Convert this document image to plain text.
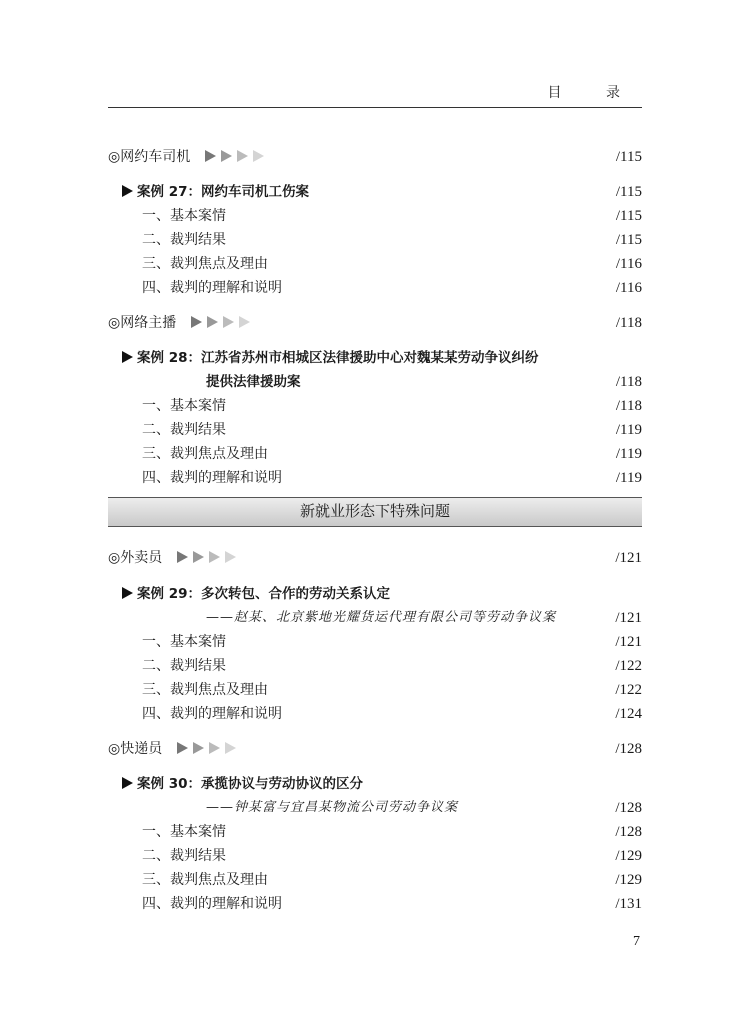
目 录
◎网约车司机	/115
案例 27：网约车司机工伤案	/115
一、基本案情	/115
二、裁判结果	/115
三、裁判焦点及理由	/116
四、裁判的理解和说明	/116
◎网络主播	/118
案例 28：江苏省苏州市相城区法律援助中心对魏某某劳动争议纠纷
提供法律援助案	/118
一、基本案情	/118
二、裁判结果	/119
三、裁判焦点及理由	/119
四、裁判的理解和说明	/119
新就业形态下特殊问题
◎外卖员	/121
案例 29：多次转包、合作的劳动关系认定
——赵某、北京紫地光耀货运代理有限公司等劳动争议案	/121
一、基本案情	/121
二、裁判结果	/122
三、裁判焦点及理由	/122
四、裁判的理解和说明	/124
◎快递员	/128
案例 30：承揽协议与劳动协议的区分
——钟某富与宜昌某物流公司劳动争议案	/128
一、基本案情	/128
二、裁判结果	/129
三、裁判焦点及理由	/129
四、裁判的理解和说明	/131
7
